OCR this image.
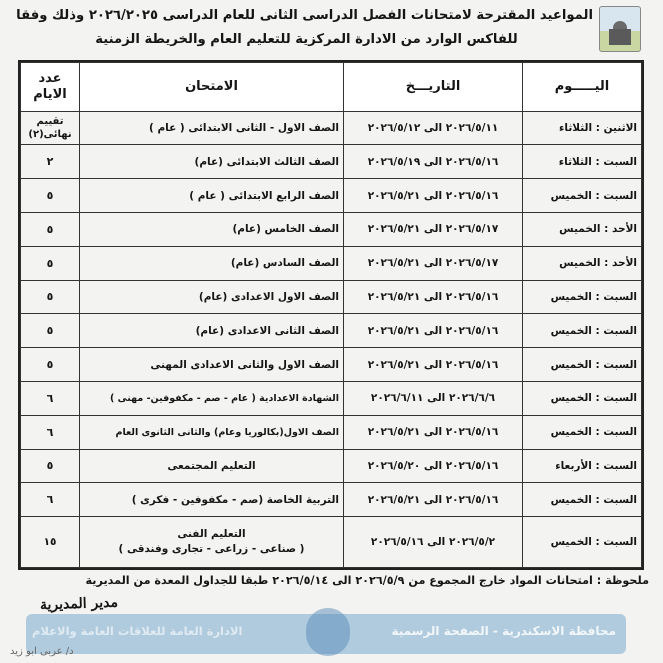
المواعيد المقترحة لامتحانات الفصل الدراسى الثانى للعام الدراسى ٢٠٢٦/٢٠٢٥ وذلك وفقا
للفاكس الوارد من الادارة المركزية للتعليم العام والخريطة الزمنية
اليـــــوم	التاريـــخ	الامتحان	عدد الايام
الاثنين : الثلاثاء	٢٠٢٦/٥/١١ الى ٢٠٢٦/٥/١٢	الصف الاول - الثانى الابتدائى ( عام )	تقييم نهائى(٢)
السبت : الثلاثاء	٢٠٢٦/٥/١٦ الى ٢٠٢٦/٥/١٩	الصف الثالث الابتدائى (عام)	٢
السبت : الخميس	٢٠٢٦/٥/١٦ الى ٢٠٢٦/٥/٢١	الصف الرابع الابتدائى ( عام )	٥
الأحد : الخميس	٢٠٢٦/٥/١٧ الى ٢٠٢٦/٥/٢١	الصف الخامس (عام)	٥
الأحد : الخميس	٢٠٢٦/٥/١٧ الى ٢٠٢٦/٥/٢١	الصف السادس (عام)	٥
السبت : الخميس	٢٠٢٦/٥/١٦ الى ٢٠٢٦/٥/٢١	الصف الاول الاعدادى (عام)	٥
السبت : الخميس	٢٠٢٦/٥/١٦ الى ٢٠٢٦/٥/٢١	الصف الثانى الاعدادى (عام)	٥
السبت : الخميس	٢٠٢٦/٥/١٦ الى ٢٠٢٦/٥/٢١	الصف الاول والثانى الاعدادى المهنى	٥
السبت : الخميس	٢٠٢٦/٦/٦ الى ٢٠٢٦/٦/١١	الشهادة الاعدادية ( عام - صم - مكفوفين- مهنى )	٦
السبت : الخميس	٢٠٢٦/٥/١٦ الى ٢٠٢٦/٥/٢١	الصف الاول(بكالوريا وعام) والثانى الثانوى العام	٦
السبت : الأربعاء	٢٠٢٦/٥/١٦ الى ٢٠٢٦/٥/٢٠	التعليم المجتمعى	٥
السبت : الخميس	٢٠٢٦/٥/١٦ الى ٢٠٢٦/٥/٢١	التربية الخاصة (صم - مكفوفين - فكرى )	٦
السبت : الخميس	٢٠٢٦/٥/٢ الى ٢٠٢٦/٥/١٦	التعليم الفنى
( صناعى - زراعى - تجارى وفندقى )	١٥
ملحوظة : امتحانات المواد خارج المجموع من ٢٠٢٦/٥/٩ الى ٢٠٢٦/٥/١٤ طبقا للجداول المعدة من المديرية
مدير المديرية
محافظة الاسكندرية - الصفحة الرسمية
الادارة العامة للعلاقات العامة والاعلام
د/ عربى ابو زيد
